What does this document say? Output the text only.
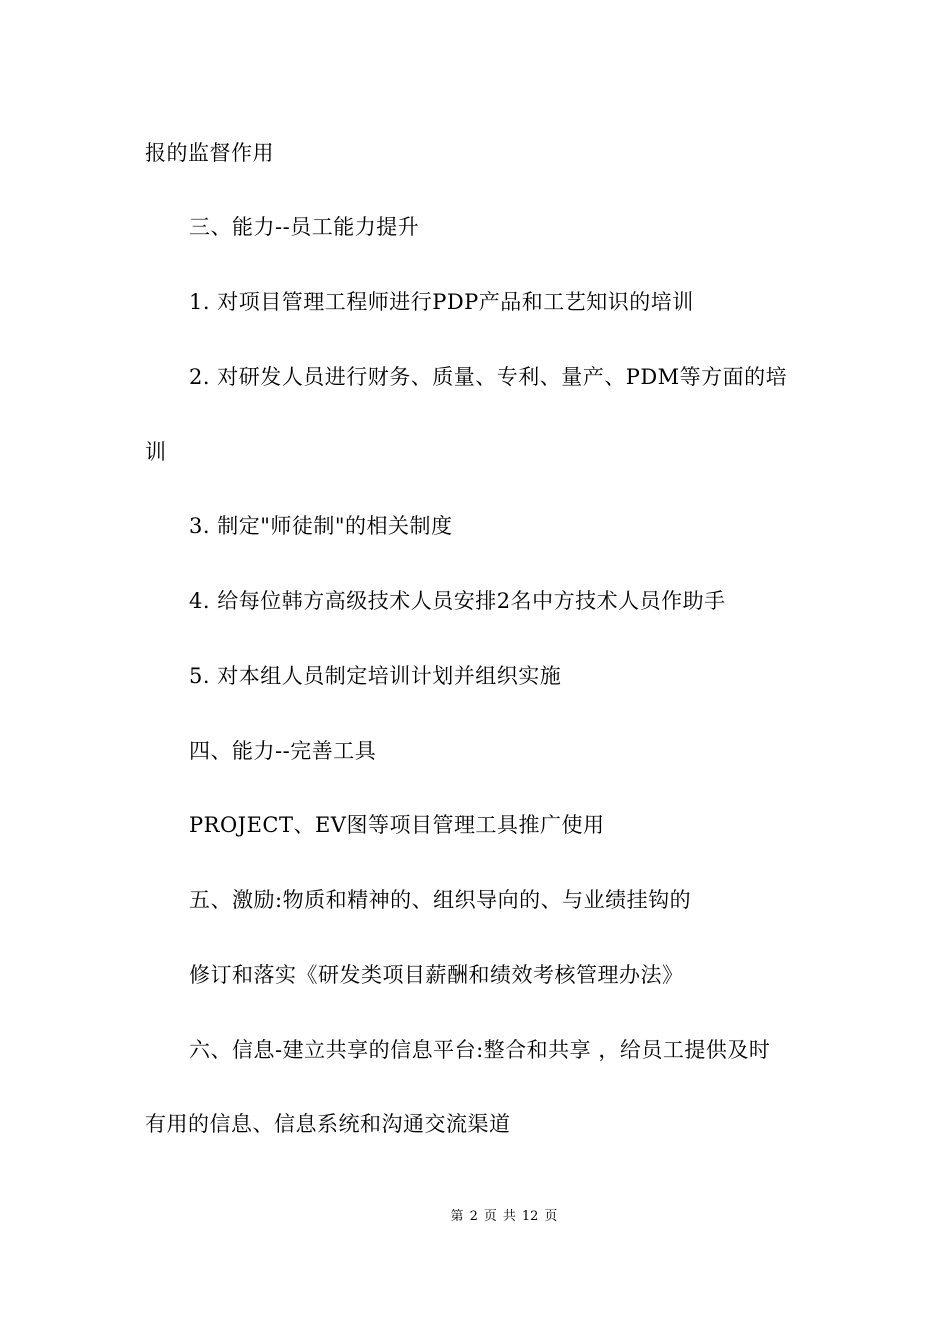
报的监督作用
三、能力--员工能力提升
1. 对项目管理工程师进行PDP产品和工艺知识的培训
2. 对研发人员进行财务、质量、专利、量产、PDM等方面的培
训
3. 制定"师徒制"的相关制度
4. 给每位韩方高级技术人员安排2名中方技术人员作助手
5. 对本组人员制定培训计划并组织实施
四、能力--完善工具
PROJECT、EV图等项目管理工具推广使用
五、激励:物质和精神的、组织导向的、与业绩挂钩的
修订和落实《研发类项目薪酬和绩效考核管理办法》
六、信息-建立共享的信息平台:整合和共享 ，给员工提供及时
有用的信息、信息系统和沟通交流渠道
第 2 页 共 12 页
